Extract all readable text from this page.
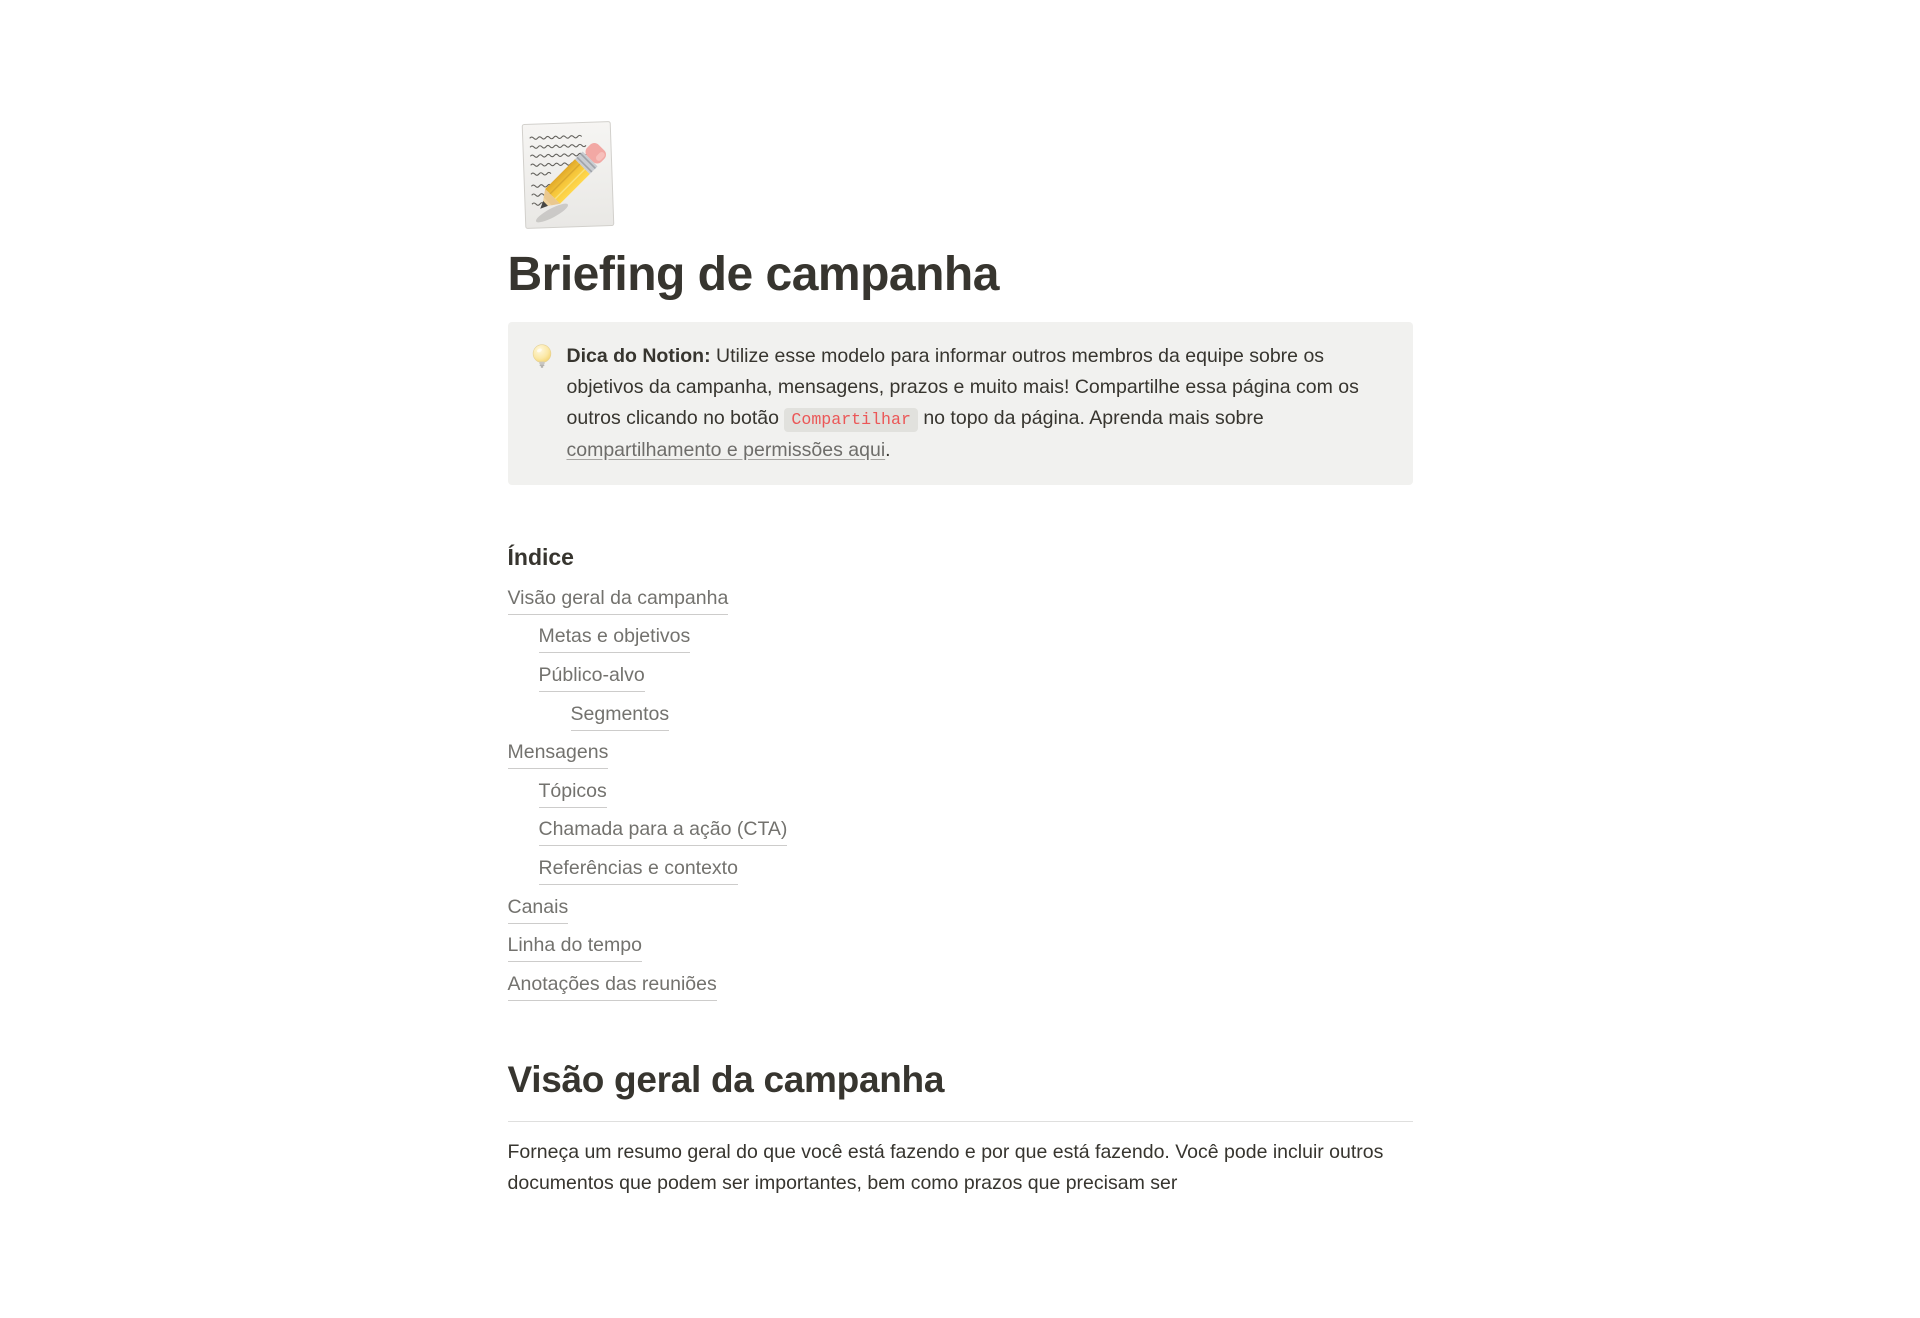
Briefing de campanha
Dica do Notion: Utilize esse modelo para informar outros membros da equipe sobre os objetivos da campanha, mensagens, prazos e muito mais! Compartilhe essa página com os outros clicando no botão Compartilhar no topo da página. Aprenda mais sobre compartilhamento e permissões aqui.
Índice
Visão geral da campanha
Metas e objetivos
Público-alvo
Segmentos
Mensagens
Tópicos
Chamada para a ação (CTA)
Referências e contexto
Canais
Linha do tempo
Anotações das reuniões
Visão geral da campanha

Forneça um resumo geral do que você está fazendo e por que está fazendo. Você pode incluir outros documentos que podem ser importantes, bem como prazos que precisam ser
